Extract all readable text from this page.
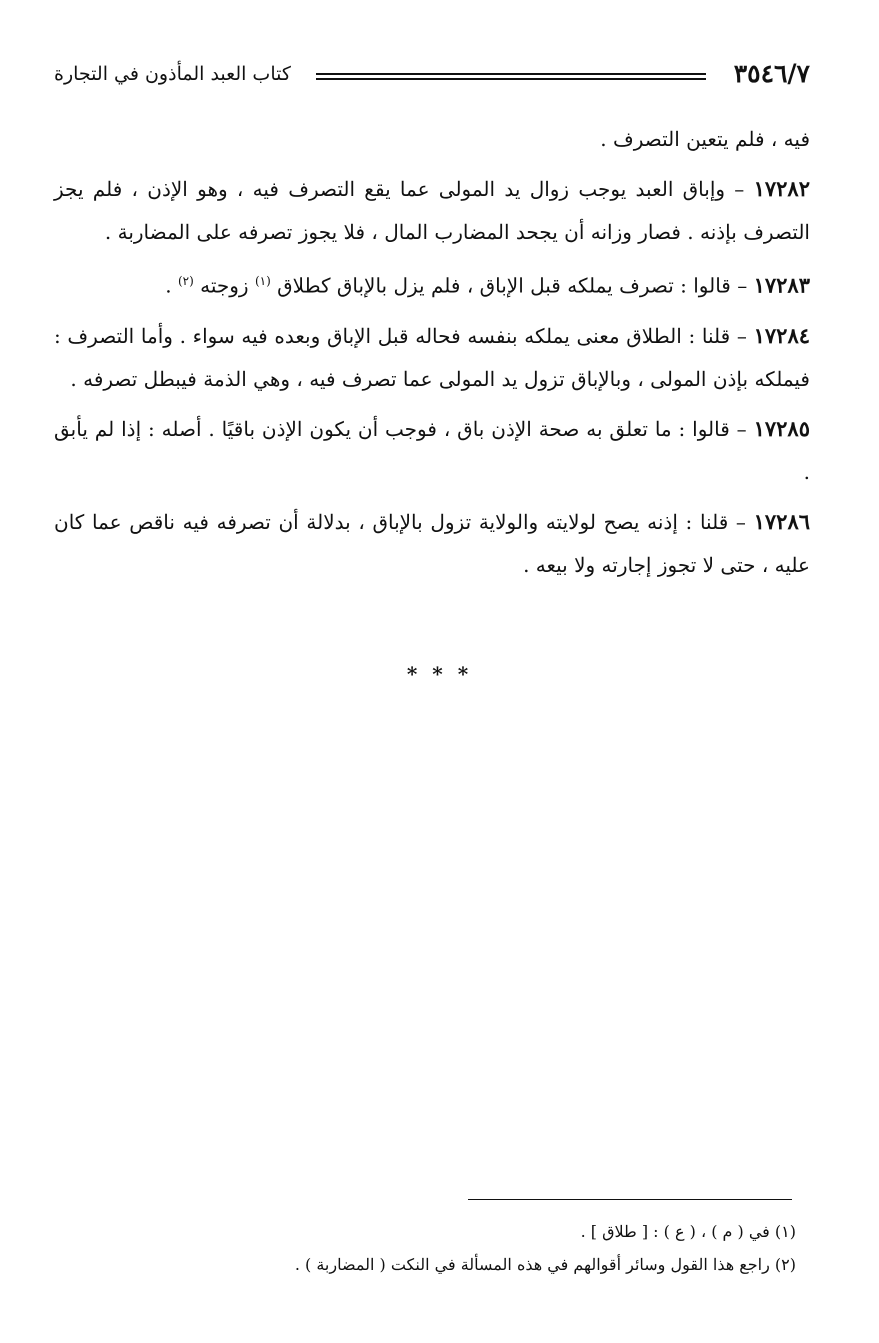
٣٥٤٦/٧
كتاب العبد المأذون في التجارة

فيه ، فلم يتعين التصرف .

١٧٢٨٢ – وإباق العبد يوجب زوال يد المولى عما يقع التصرف فيه ، وهو الإذن ، فلم يجز التصرف بإذنه . فصار وزانه أن يجحد المضارب المال ، فلا يجوز تصرفه على المضاربة .

١٧٢٨٣ – قالوا : تصرف يملكه قبل الإباق ، فلم يزل بالإباق كطلاق $^{(١)}$ زوجته $^{(٢)}$ .

١٧٢٨٤ – قلنا : الطلاق معنى يملكه بنفسه فحاله قبل الإباق وبعده فيه سواء . وأما التصرف : فيملكه بإذن المولى ، وبالإباق تزول يد المولى عما تصرف فيه ، وهي الذمة فيبطل تصرفه .

١٧٢٨٥ – قالوا : ما تعلق به صحة الإذن باق ، فوجب أن يكون الإذن باقيًا . أصله : إذا لم يأبق .

١٧٢٨٦ – قلنا : إذنه يصح لولايته والولاية تزول بالإباق ، بدلالة أن تصرفه فيه ناقص عما كان عليه ، حتى لا تجوز إجارته ولا بيعه .

* * *
(١) في ( م ) ، ( ع ) : [ طلاق ] .
(٢) راجع هذا القول وسائر أقوالهم في هذه المسألة في النكت ( المضاربة ) .
